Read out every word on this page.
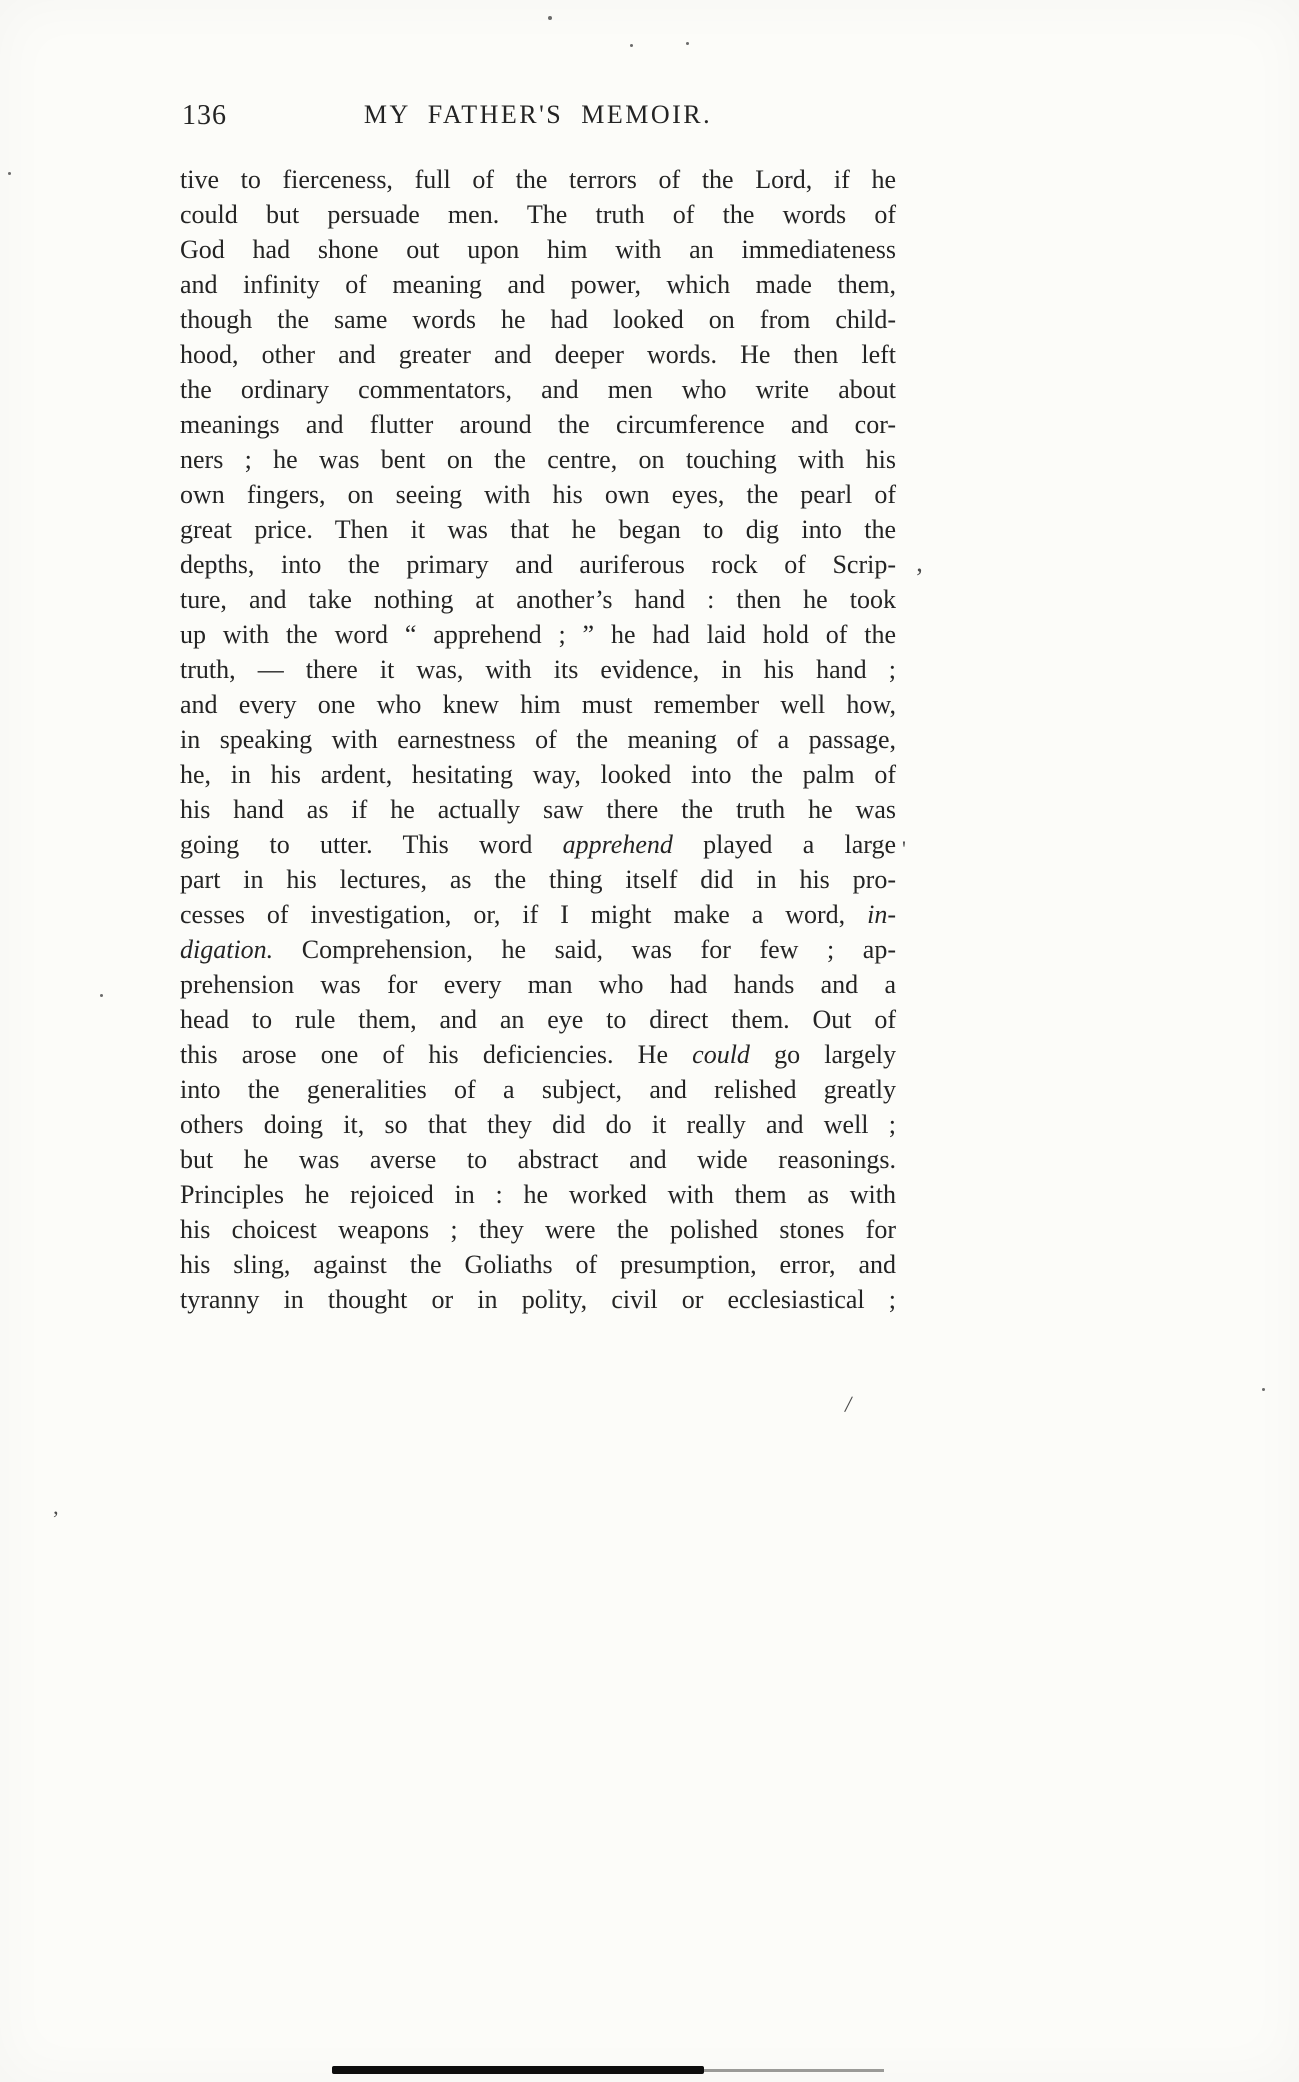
136	MY FATHER'S MEMOIR.
tive to fierceness, full of the terrors of the Lord, if he
could but persuade men. The truth of the words of
God had shone out upon him with an immediateness
and infinity of meaning and power, which made them,
though the same words he had looked on from child-
hood, other and greater and deeper words. He then left
the ordinary commentators, and men who write about
meanings and flutter around the circumference and cor-
ners ; he was bent on the centre, on touching with his
own fingers, on seeing with his own eyes, the pearl of
great price. Then it was that he began to dig into the
depths, into the primary and auriferous rock of Scrip-
ture, and take nothing at another’s hand : then he took
up with the word “ apprehend ; ” he had laid hold of the
truth, — there it was, with its evidence, in his hand ;
and every one who knew him must remember well how,
in speaking with earnestness of the meaning of a passage,
he, in his ardent, hesitating way, looked into the palm of
his hand as if he actually saw there the truth he was
going to utter. This word apprehend played a large
part in his lectures, as the thing itself did in his pro-
cesses of investigation, or, if I might make a word, in-
digation. Comprehension, he said, was for few ; ap-
prehension was for every man who had hands and a
head to rule them, and an eye to direct them. Out of
this arose one of his deficiencies. He could go largely
into the generalities of a subject, and relished greatly
others doing it, so that they did do it really and well ;
but he was averse to abstract and wide reasonings.
Principles he rejoiced in : he worked with them as with
his choicest weapons ; they were the polished stones for
his sling, against the Goliaths of presumption, error, and
tyranny in thought or in polity, civil or ecclesiastical ;
‚
'
/
’
